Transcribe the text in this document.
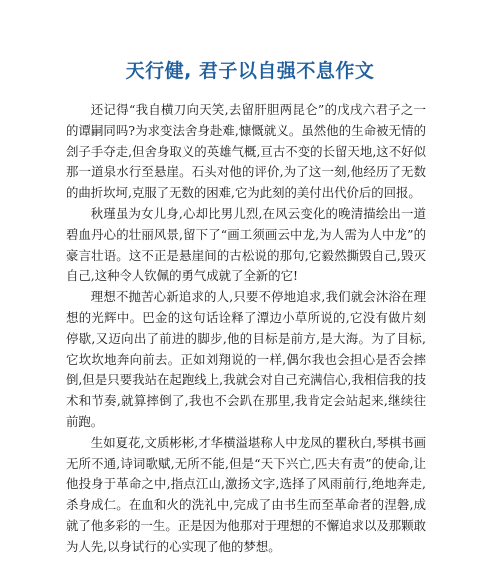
天行健, 君子以自强不息作文

还记得“我自横刀向天笑,去留肝胆两昆仑”的戊戌六君子之一的谭嗣同吗?为求变法舍身赴难,慷慨就义。虽然他的生命被无情的刽子手夺走,但舍身取义的英雄气概,亘古不变的长留天地,这不好似那一道泉水行至悬崖。石头对他的评价,为了这一刻,他经历了无数的曲折坎坷,克服了无数的困难,它为此刻的美付出代价后的回报。

秋瑾虽为女儿身,心却比男儿烈,在风云变化的晚清描绘出一道碧血丹心的壮丽风景,留下了“画工须画云中龙,为人需为人中龙”的豪言壮语。这不正是悬崖间的古松说的那句,它毅然撕毁自己,毁灭自己,这种令人钦佩的勇气成就了全新的它!

理想不抛苦心新追求的人,只要不停地追求,我们就会沐浴在理想的光辉中。巴金的这句话诠释了潭边小草所说的,它没有做片刻停歇,又迈向出了前进的脚步,他的目标是前方,是大海。为了目标,它坎坎地奔向前去。正如刘翔说的一样,偶尔我也会担心是否会摔倒,但是只要我站在起跑线上,我就会对自己充满信心,我相信我的技术和节奏,就算摔倒了,我也不会趴在那里,我肯定会站起来,继续往前跑。

生如夏花,文质彬彬,才华横溢堪称人中龙凤的瞿秋白,琴棋书画无所不通,诗词歌赋,无所不能,但是“天下兴亡,匹夫有责”的使命,让他投身于革命之中,指点江山,激扬文字,选择了风雨前行,绝地奔走,杀身成仁。在血和火的洗礼中,完成了由书生而至革命者的涅磐,成就了他多彩的一生。正是因为他那对于理想的不懈追求以及那颗敢为人先,以身试行的心实现了他的梦想。
